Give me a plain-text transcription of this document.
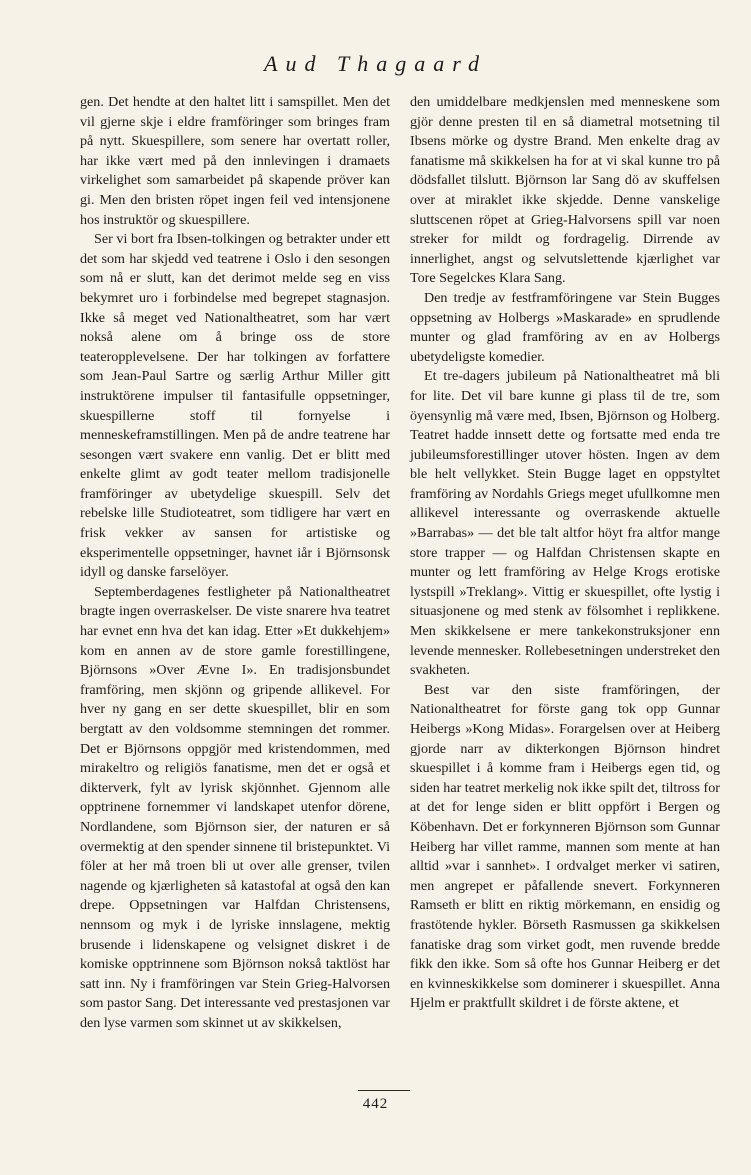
Aud Thagaard

gen. Det hendte at den haltet litt i samspillet. Men det vil gjerne skje i eldre framföringer som bringes fram på nytt. Skuespillere, som senere har overtatt roller, har ikke vært med på den innlevingen i dramaets virkelighet som samarbeidet på skapende pröver kan gi. Men den bristen röpet ingen feil ved intensjonene hos instruktör og skuespillere.

Ser vi bort fra Ibsen-tolkingen og betrakter under ett det som har skjedd ved teatrene i Oslo i den sesongen som nå er slutt, kan det derimot melde seg en viss bekymret uro i forbindelse med begrepet stagnasjon. Ikke så meget ved Nationaltheatret, som har vært nokså alene om å bringe oss de store teateropplevelsene. Der har tolkingen av forfattere som Jean-Paul Sartre og særlig Arthur Miller gitt instruktörene impulser til fantasifulle oppsetninger, skuespillerne stoff til fornyelse i menneskeframstillingen. Men på de andre teatrene har sesongen vært svakere enn vanlig. Det er blitt med enkelte glimt av godt teater mellom tradisjonelle framföringer av ubetydelige skuespill. Selv det rebelske lille Studioteatret, som tidligere har vært en frisk vekker av sansen for artistiske og eksperimentelle oppsetninger, havnet iår i Björnsonsk idyll og danske farselöyer.

Septemberdagenes festligheter på Nationaltheatret bragte ingen overraskelser. De viste snarere hva teatret har evnet enn hva det kan idag. Etter »Et dukkehjem» kom en annen av de store gamle forestillingene, Björnsons »Over Ævne I». En tradisjonsbundet framföring, men skjönn og gripende allikevel. For hver ny gang en ser dette skuespillet, blir en som bergtatt av den voldsomme stemningen det rommer. Det er Björnsons oppgjör med kristendommen, med mirakeltro og religiös fanatisme, men det er også et dikterverk, fylt av lyrisk skjönnhet. Gjennom alle opptrinene fornemmer vi landskapet utenfor dörene, Nordlandene, som Björnson sier, der naturen er så overmektig at den spender sinnene til bristepunktet. Vi föler at her må troen bli ut over alle grenser, tvilen nagende og kjærligheten så katastofal at også den kan drepe. Oppsetningen var Halfdan Christensens, nennsom og myk i de lyriske innslagene, mektig brusende i lidenskapene og velsignet diskret i de komiske opptrinnene som Björnson nokså taktlöst har satt inn. Ny i framföringen var Stein Grieg-Halvorsen som pastor Sang. Det interessante ved prestasjonen var den lyse varmen som skinnet ut av skikkelsen,

den umiddelbare medkjenslen med menneskene som gjör denne presten til en så diametral motsetning til Ibsens mörke og dystre Brand. Men enkelte drag av fanatisme må skikkelsen ha for at vi skal kunne tro på dödsfallet tilslutt. Björnson lar Sang dö av skuffelsen over at miraklet ikke skjedde. Denne vanskelige sluttscenen röpet at Grieg-Halvorsens spill var noen streker for mildt og fordragelig. Dirrende av innerlighet, angst og selvutslettende kjærlighet var Tore Segelckes Klara Sang.

Den tredje av festframföringene var Stein Bugges oppsetning av Holbergs »Maskarade» en sprudlende munter og glad framföring av en av Holbergs ubetydeligste komedier.

Et tre-dagers jubileum på Nationaltheatret må bli for lite. Det vil bare kunne gi plass til de tre, som öyensynlig må være med, Ibsen, Björnson og Holberg. Teatret hadde innsett dette og fortsatte med enda tre jubileumsforestillinger utover hösten. Ingen av dem ble helt vellykket. Stein Bugge laget en oppstyltet framföring av Nordahls Griegs meget ufullkomne men allikevel interessante og overraskende aktuelle »Barrabas» — det ble talt altfor höyt fra altfor mange store trapper — og Halfdan Christensen skapte en munter og lett framföring av Helge Krogs erotiske lystspill »Treklang». Vittig er skuespillet, ofte lystig i situasjonene og med stenk av fölsomhet i replikkene. Men skikkelsene er mere tankekonstruksjoner enn levende mennesker. Rollebesetningen understreket den svakheten.

Best var den siste framföringen, der Nationaltheatret for förste gang tok opp Gunnar Heibergs »Kong Midas». Forargelsen over at Heiberg gjorde narr av dikterkongen Björnson hindret skuespillet i å komme fram i Heibergs egen tid, og siden har teatret merkelig nok ikke spilt det, tiltross for at det for lenge siden er blitt oppfört i Bergen og Köbenhavn. Det er forkynneren Björnson som Gunnar Heiberg har villet ramme, mannen som mente at han alltid »var i sannhet». I ordvalget merker vi satiren, men angrepet er påfallende snevert. Forkynneren Ramseth er blitt en riktig mörkemann, en ensidig og frastötende hykler. Börseth Rasmussen ga skikkelsen fanatiske drag som virket godt, men ruvende bredde fikk den ikke. Som så ofte hos Gunnar Heiberg er det en kvinneskikkelse som dominerer i skuespillet. Anna Hjelm er praktfullt skildret i de förste aktene, et

442
